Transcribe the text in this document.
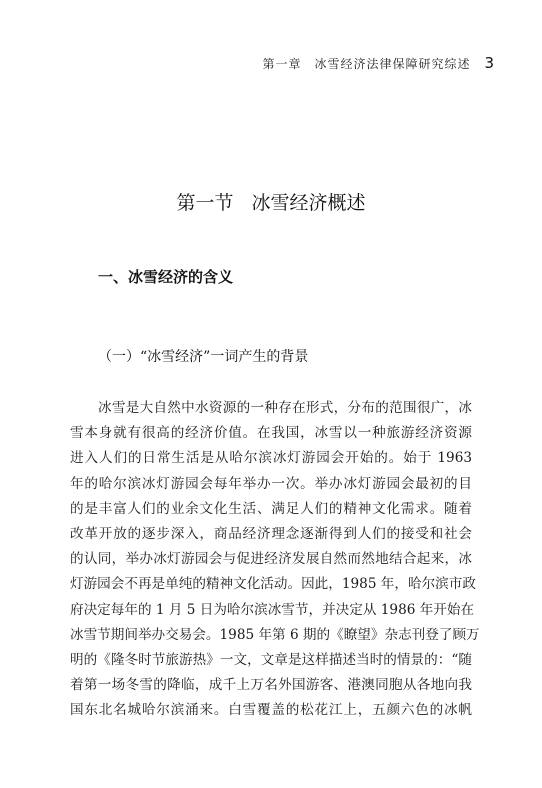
第一章　冰雪经济法律保障研究综述 3
第一节 冰雪经济概述
一、冰雪经济的含义
（一）“冰雪经济”一词产生的背景
冰雪是大自然中水资源的一种存在形式，分布的范围很广，冰
雪本身就有很高的经济价值。在我国，冰雪以一种旅游经济资源
进入人们的日常生活是从哈尔滨冰灯游园会开始的。始于 1963
年的哈尔滨冰灯游园会每年举办一次。举办冰灯游园会最初的目
的是丰富人们的业余文化生活、满足人们的精神文化需求。随着
改革开放的逐步深入，商品经济理念逐渐得到人们的接受和社会
的认同，举办冰灯游园会与促进经济发展自然而然地结合起来，冰
灯游园会不再是单纯的精神文化活动。因此，1985 年，哈尔滨市政
府决定每年的 1 月 5 日为哈尔滨冰雪节，并决定从 1986 年开始在
冰雪节期间举办交易会。1985 年第 6 期的《瞭望》杂志刊登了顾万
明的《隆冬时节旅游热》一文，文章是这样描述当时的情景的：“随
着第一场冬雪的降临，成千上万名外国游客、港澳同胞从各地向我
国东北名城哈尔滨涌来。白雪覆盖的松花江上，五颜六色的冰帆
